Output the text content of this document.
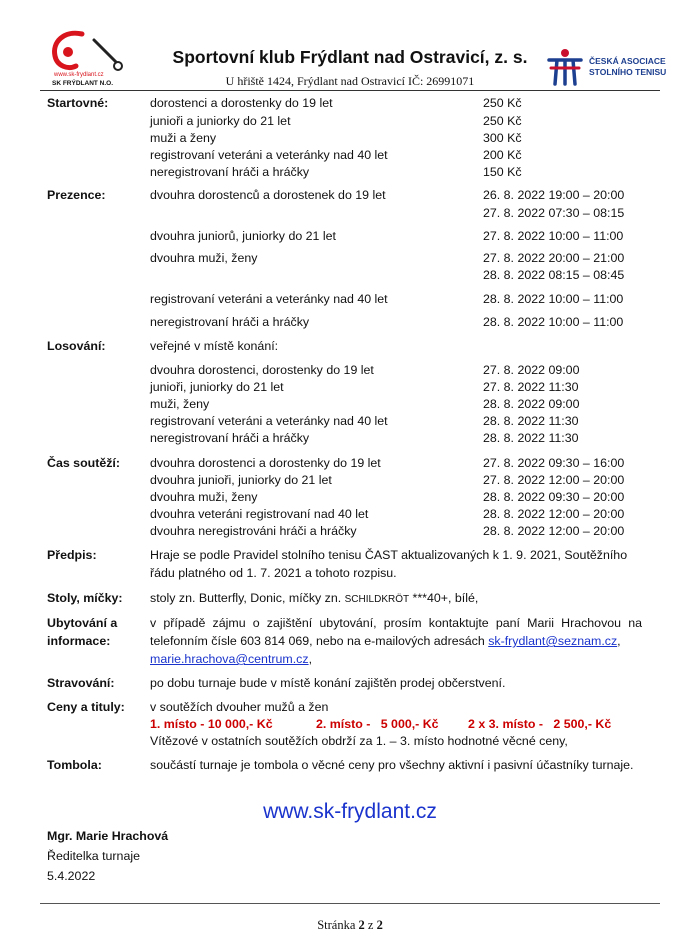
www.sk-frydlant.cz
SK FRÝDLANT N.O.
ČESKÁ ASOCIACE
STOLNÍHO TENISU
Sportovní klub Frýdlant nad Ostravicí, z. s.
U hřiště 1424, Frýdlant nad Ostravicí IČ: 26991071
Startovné:	dorostenci a dorostenky do 19 let	250 Kč
junioři a juniorky do 21 let	250 Kč
muži a ženy	300 Kč
registrovaní veteráni a veteránky nad 40 let	200 Kč
neregistrovaní hráči a hráčky	150 Kč
Prezence:	dvouhra dorostenců a dorostenek do 19 let	26. 8. 2022 19:00 – 20:00
27. 8. 2022 07:30 – 08:15
dvouhra juniorů, juniorky do 21 let	27. 8. 2022 10:00 – 11:00
dvouhra muži, ženy	27. 8. 2022 20:00 – 21:00
28. 8. 2022 08:15 – 08:45
registrovaní veteráni a veteránky nad 40 let	28. 8. 2022 10:00 – 11:00
neregistrovaní hráči a hráčky	28. 8. 2022 10:00 – 11:00
Losování:	veřejné v místě konání:
dvouhra dorostenci, dorostenky do 19 let	27. 8. 2022 09:00
junioři, juniorky do 21 let	27. 8. 2022 11:30
muži, ženy	28. 8. 2022 09:00
registrovaní veteráni a veteránky nad 40 let	28. 8. 2022 11:30
neregistrovaní hráči a hráčky	28. 8. 2022 11:30
Čas soutěží: dvouhra dorostenci a dorostenky do 19 let	27. 8. 2022 09:30 – 16:00
dvouhra junioři, juniorky do 21 let	27. 8. 2022 12:00 – 20:00
dvouhra muži, ženy	28. 8. 2022 09:30 – 20:00
dvouhra veteráni registrovaní nad 40 let	28. 8. 2022 12:00 – 20:00
dvouhra neregistrováni hráči a hráčky	28. 8. 2022 12:00 – 20:00
Předpis:	Hraje se podle Pravidel stolního tenisu ČAST aktualizovaných k 1. 9. 2021, Soutěžního řádu platného od 1. 7. 2021 a tohoto rozpisu.
Stoly, míčky: stoly zn. Butterfly, Donic, míčky zn. SCHILDKRÖT ***40+, bílé,
Ubytování a
informace:
v případě zájmu o zajištění ubytování, prosím kontaktujte paní Marii Hrachovou na telefonním čísle 603 814 069, nebo na e-mailových adresách sk-frydlant@seznam.cz,
marie.hrachova@centrum.cz,
Stravování:	po dobu turnaje bude v místě konání zajištěn prodej občerstvení.
Ceny a tituly: v soutěžích dvouher mužů a žen
1. místo - 10 000,- Kč	2. místo -   5 000,- Kč 2 x 3. místo -   2 500,- Kč
Vítězové v ostatních soutěžích obdrží za 1. – 3. místo hodnotné věcné ceny,
Tombola:	součástí turnaje je tombola o věcné ceny pro všechny aktivní i pasivní účastníky turnaje.
www.sk-frydlant.cz
Mgr. Marie Hrachová
Ředitelka turnaje
5.4.2022
Stránka 2 z 2
